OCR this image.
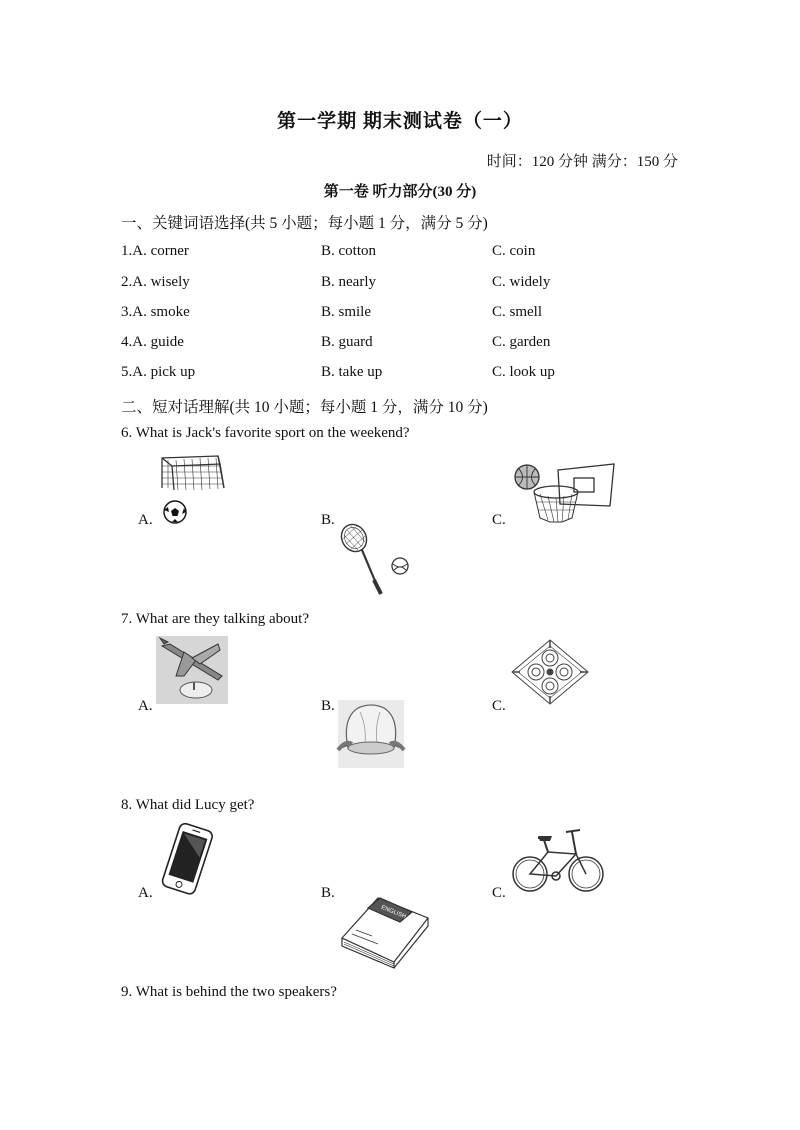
第一学期 期末测试卷（一）
时间：120 分钟 满分：150 分
第一卷 听力部分(30 分)
一、关键词语选择(共 5 小题；每小题 1 分，满分 5 分)
1.A. corner	B. cotton	C. coin
2.A. wisely	B. nearly	C. widely
3.A. smoke	B. smile	C. smell
4.A. guide	B. guard	C. garden
5.A. pick up	B. take up	C. look up
二、短对话理解(共 10 小题；每小题 1 分，满分 10 分)
6. What is Jack's favorite sport on the weekend?
A.	B.	C.
7. What are they talking about?
A.	B.	C.
8. What did Lucy get?
A.	B.	C.
ENGLISH
9. What is behind the two speakers?
